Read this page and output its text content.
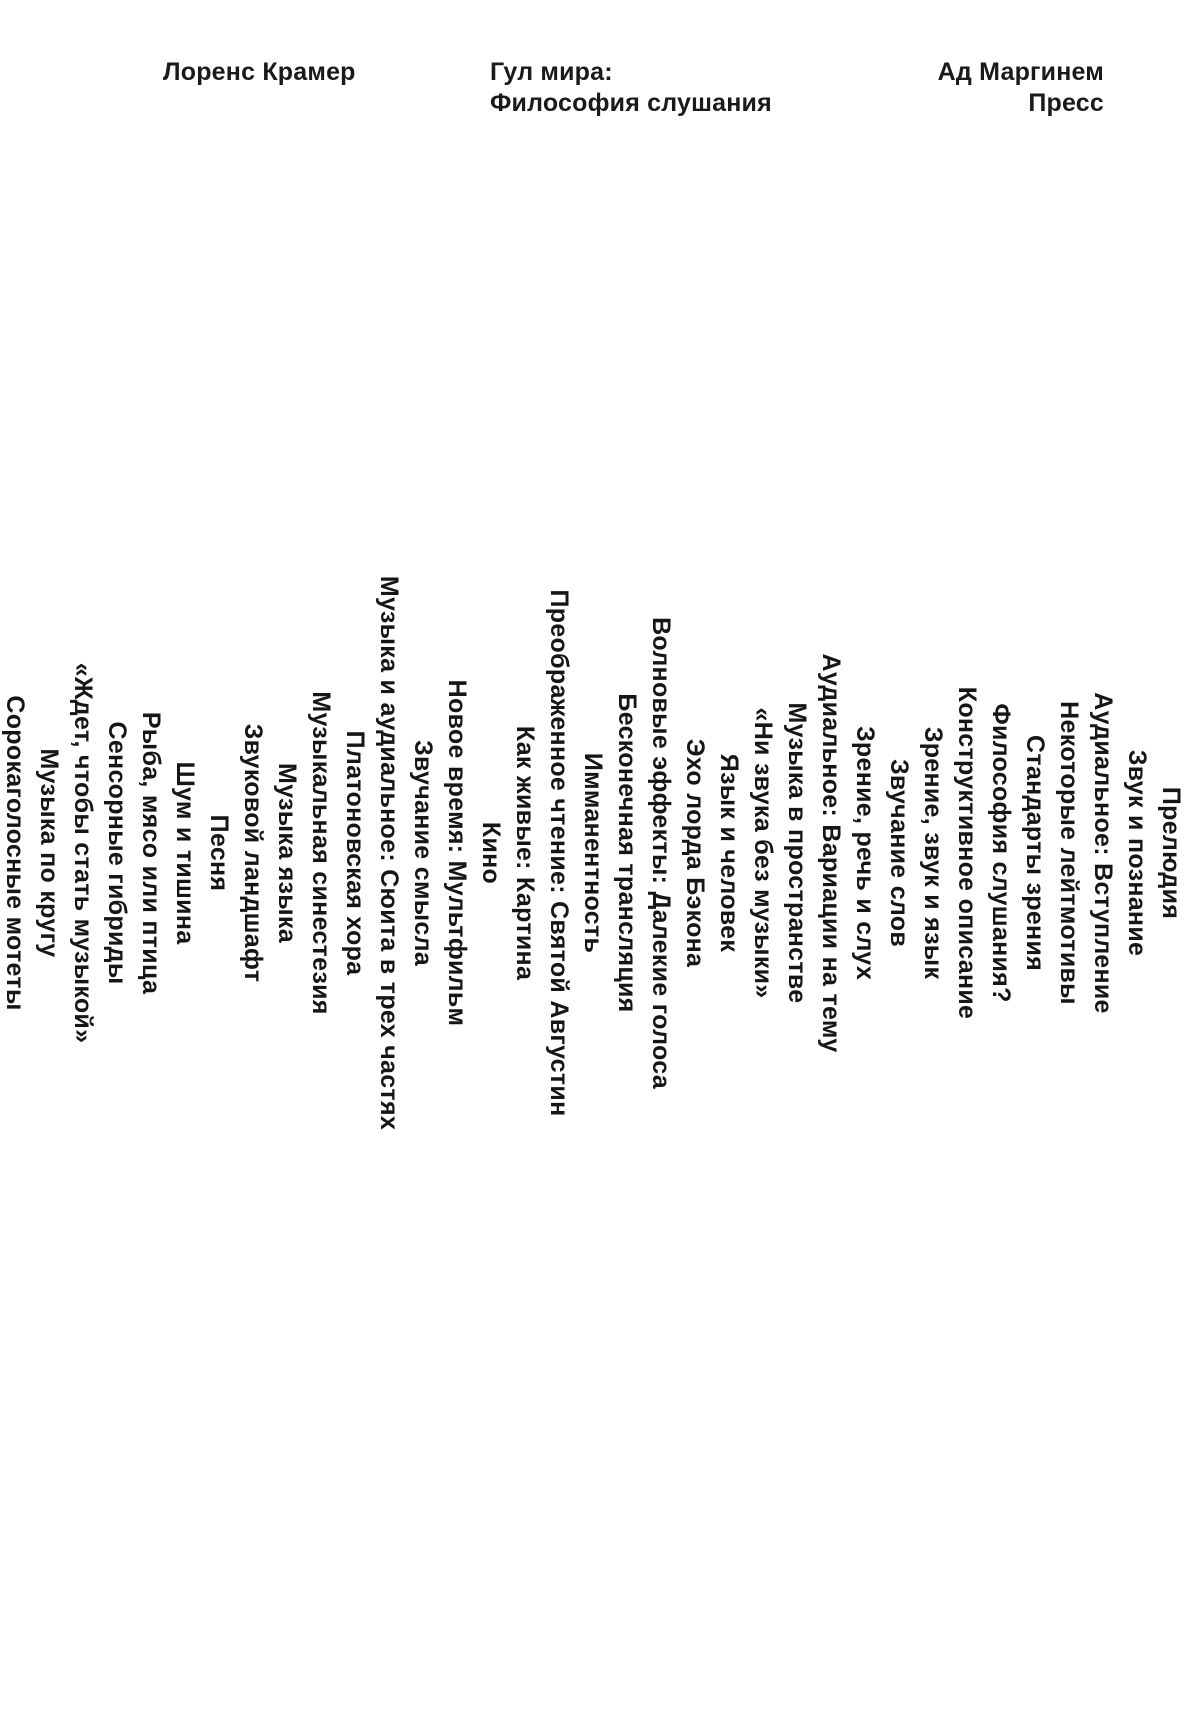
Лоренс Крамер	Гул мира:
Философия слушания
Ад Маргинем
Пресс
Прелюдия
Звук и познание
Аудиальное: Вступление
Некоторые лейтмотивы
Стандарты зрения
Философия слушания?
Конструктивное описание
Зрение, звук и язык
Звучание слов
Зрение, речь и слух
Аудиальное: Вариации на тему
Музыка в пространстве
«Ни звука без музыки»
Язык и человек
Эхо лорда Бэкона
Волновые эффекты: Далекие голоса
Бесконечная трансляция
Имманентность
Преображенное чтение: Святой Августин
Как живые: Картина
Кино
Новое время: Мультфильм
Звучание смысла
Музыка и аудиальное: Сюита в трех частях
Платоновская хора
Музыкальная синестезия
Музыка языка
Звуковой ландшафт
Песня
Шум и тишина
Рыба, мясо или птица
Сенсорные гибриды
«Ждет, чтобы стать музыкой»
Музыка по кругу
Сорокаголосные мотеты
